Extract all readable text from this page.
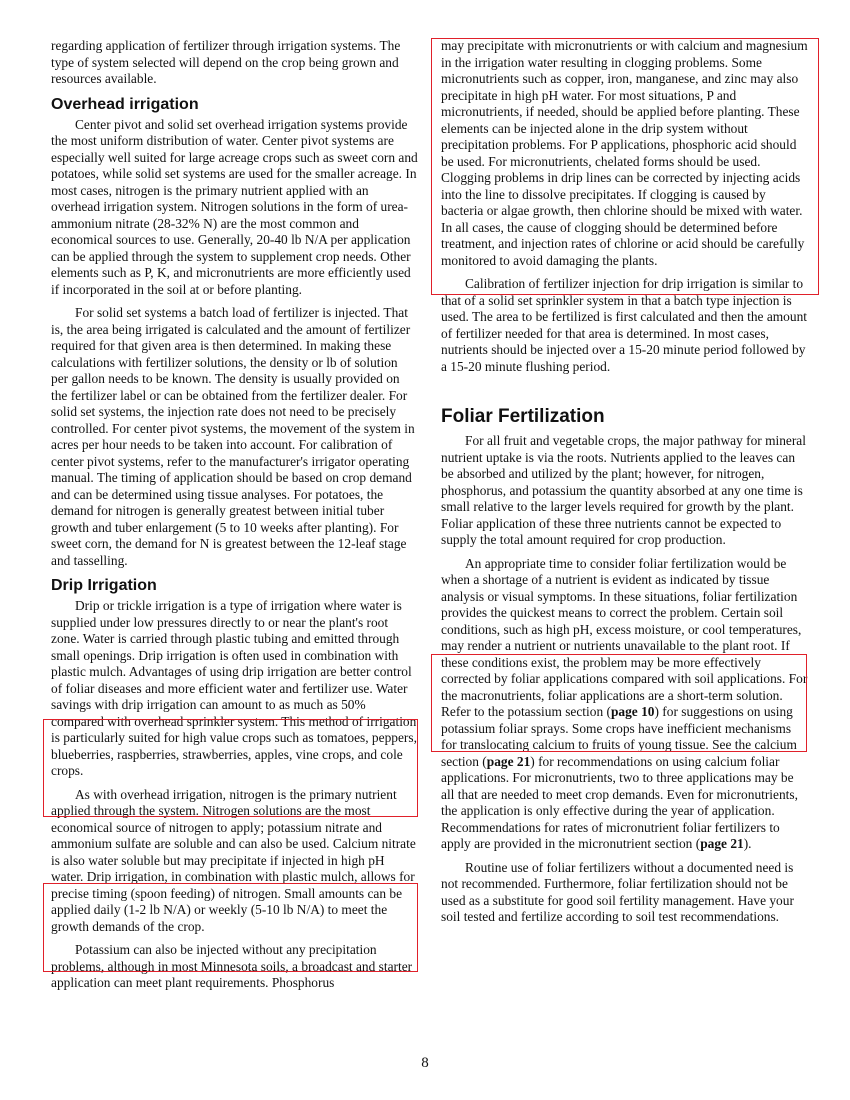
regarding application of fertilizer through irrigation systems. The type of system selected will depend on the crop being grown and resources available.

Overhead irrigation

Center pivot and solid set overhead irrigation systems provide the most uniform distribution of water. Center pivot systems are especially well suited for large acreage crops such as sweet corn and potatoes, while solid set systems are used for the smaller acreage. In most cases, nitrogen is the primary nutrient applied with an overhead irrigation system. Nitrogen solutions in the form of urea-ammonium nitrate (28-32% N) are the most common and economical sources to use. Generally, 20-40 lb N/A per application can be applied through the system to supplement crop needs. Other elements such as P, K, and micronutrients are more efficiently used if incorporated in the soil at or before planting.

For solid set systems a batch load of fertilizer is injected. That is, the area being irrigated is calculated and the amount of fertilizer required for that given area is then determined. In making these calculations with fertilizer solutions, the density or lb of solution per gallon needs to be known. The density is usually provided on the fertilizer label or can be obtained from the fertilizer dealer. For solid set systems, the injection rate does not need to be precisely controlled. For center pivot systems, the movement of the system in acres per hour needs to be taken into account. For calibration of center pivot systems, refer to the manufacturer's irrigator operating manual. The timing of application should be based on crop demand and can be determined using tissue analyses. For potatoes, the demand for nitrogen is generally greatest between initial tuber growth and tuber enlargement (5 to 10 weeks after planting). For sweet corn, the demand for N is greatest between the 12-leaf stage and tasselling.

Drip Irrigation

Drip or trickle irrigation is a type of irrigation where water is supplied under low pressures directly to or near the plant's root zone. Water is carried through plastic tubing and emitted through small openings. Drip irrigation is often used in combination with plastic mulch. Advantages of using drip irrigation are better control of foliar diseases and more efficient water and fertilizer use. Water savings with drip irrigation can amount to as much as 50% compared with overhead sprinkler system. This method of irrigation is particularly suited for high value crops such as tomatoes, peppers, blueberries, raspberries, strawberries, apples, vine crops, and cole crops.

As with overhead irrigation, nitrogen is the primary nutrient applied through the system. Nitrogen solutions are the most economical source of nitrogen to apply; potassium nitrate and ammonium sulfate are soluble and can also be used. Calcium nitrate is also water soluble but may precipitate if injected in high pH water. Drip irrigation, in combination with plastic mulch, allows for precise timing (spoon feeding) of nitrogen. Small amounts can be applied daily (1-2 lb N/A) or weekly (5-10 lb N/A) to meet the growth demands of the crop.

Potassium can also be injected without any precipitation problems, although in most Minnesota soils, a broadcast and starter application can meet plant requirements. Phosphorus

may precipitate with micronutrients or with calcium and magnesium in the irrigation water resulting in clogging problems. Some micronutrients such as copper, iron, manganese, and zinc may also precipitate in high pH water. For most situations, P and micronutrients, if needed, should be applied before planting. These elements can be injected alone in the drip system without precipitation problems. For P applications, phosphoric acid should be used. For micronutrients, chelated forms should be used. Clogging problems in drip lines can be corrected by injecting acids into the line to dissolve precipitates. If clogging is caused by bacteria or algae growth, then chlorine should be mixed with water. In all cases, the cause of clogging should be determined before treatment, and injection rates of chlorine or acid should be carefully monitored to avoid damaging the plants.

Calibration of fertilizer injection for drip irrigation is similar to that of a solid set sprinkler system in that a batch type injection is used. The area to be fertilized is first calculated and then the amount of fertilizer needed for that area is determined. In most cases, nutrients should be injected over a 15-20 minute period followed by a 15-20 minute flushing period.

Foliar Fertilization

For all fruit and vegetable crops, the major pathway for mineral nutrient uptake is via the roots. Nutrients applied to the leaves can be absorbed and utilized by the plant; however, for nitrogen, phosphorus, and potassium the quantity absorbed at any one time is small relative to the larger levels required for growth by the plant. Foliar application of these three nutrients cannot be expected to supply the total amount required for crop production.

An appropriate time to consider foliar fertilization would be when a shortage of a nutrient is evident as indicated by tissue analysis or visual symptoms. In these situations, foliar fertilization provides the quickest means to correct the problem. Certain soil conditions, such as high pH, excess moisture, or cool temperatures, may render a nutrient or nutrients unavailable to the plant root. If these conditions exist, the problem may be more effectively corrected by foliar applications compared with soil applications. For the macronutrients, foliar applications are a short-term solution. Refer to the potassium section (page 10) for suggestions on using potassium foliar sprays. Some crops have inefficient mechanisms for translocating calcium to fruits of young tissue. See the calcium section (page 21) for recommendations on using calcium foliar applications. For micronutrients, two to three applications may be all that are needed to meet crop demands. Even for micronutrients, the application is only effective during the year of application. Recommendations for rates of micronutrient foliar fertilizers to apply are provided in the micronutrient section (page 21).

Routine use of foliar fertilizers without a documented need is not recommended. Furthermore, foliar fertilization should not be used as a substitute for good soil fertility management. Have your soil tested and fertilize according to soil test recommendations.

8
